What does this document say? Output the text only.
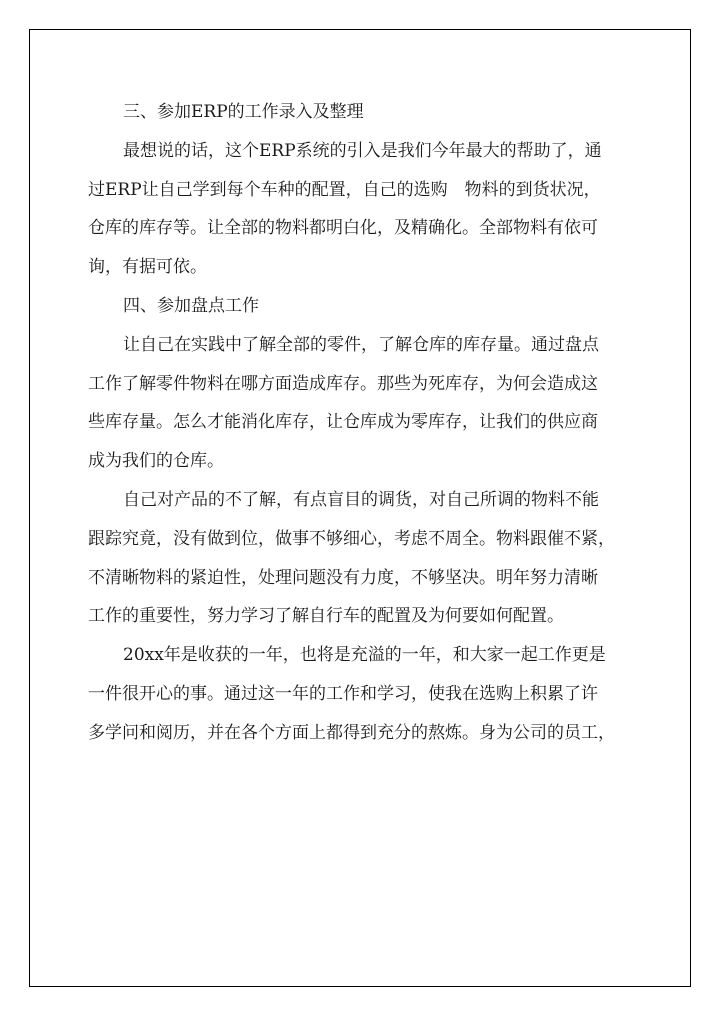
三、参加ERP的工作录入及整理
最想说的话，这个ERP系统的引入是我们今年最大的帮助了，通
过ERP让自己学到每个车种的配置，自己的选购　物料的到货状况，
仓库的库存等。让全部的物料都明白化，及精确化。全部物料有依可
询，有据可依。
四、参加盘点工作
让自己在实践中了解全部的零件，了解仓库的库存量。通过盘点
工作了解零件物料在哪方面造成库存。那些为死库存，为何会造成这
些库存量。怎么才能消化库存，让仓库成为零库存，让我们的供应商
成为我们的仓库。
自己对产品的不了解，有点盲目的调货，对自己所调的物料不能
跟踪究竟，没有做到位，做事不够细心，考虑不周全。物料跟催不紧，
不清晰物料的紧迫性，处理问题没有力度，不够坚决。明年努力清晰
工作的重要性，努力学习了解自行车的配置及为何要如何配置。
20xx年是收获的一年，也将是充溢的一年，和大家一起工作更是
一件很开心的事。通过这一年的工作和学习，使我在选购上积累了许
多学问和阅历，并在各个方面上都得到充分的熬炼。身为公司的员工，
